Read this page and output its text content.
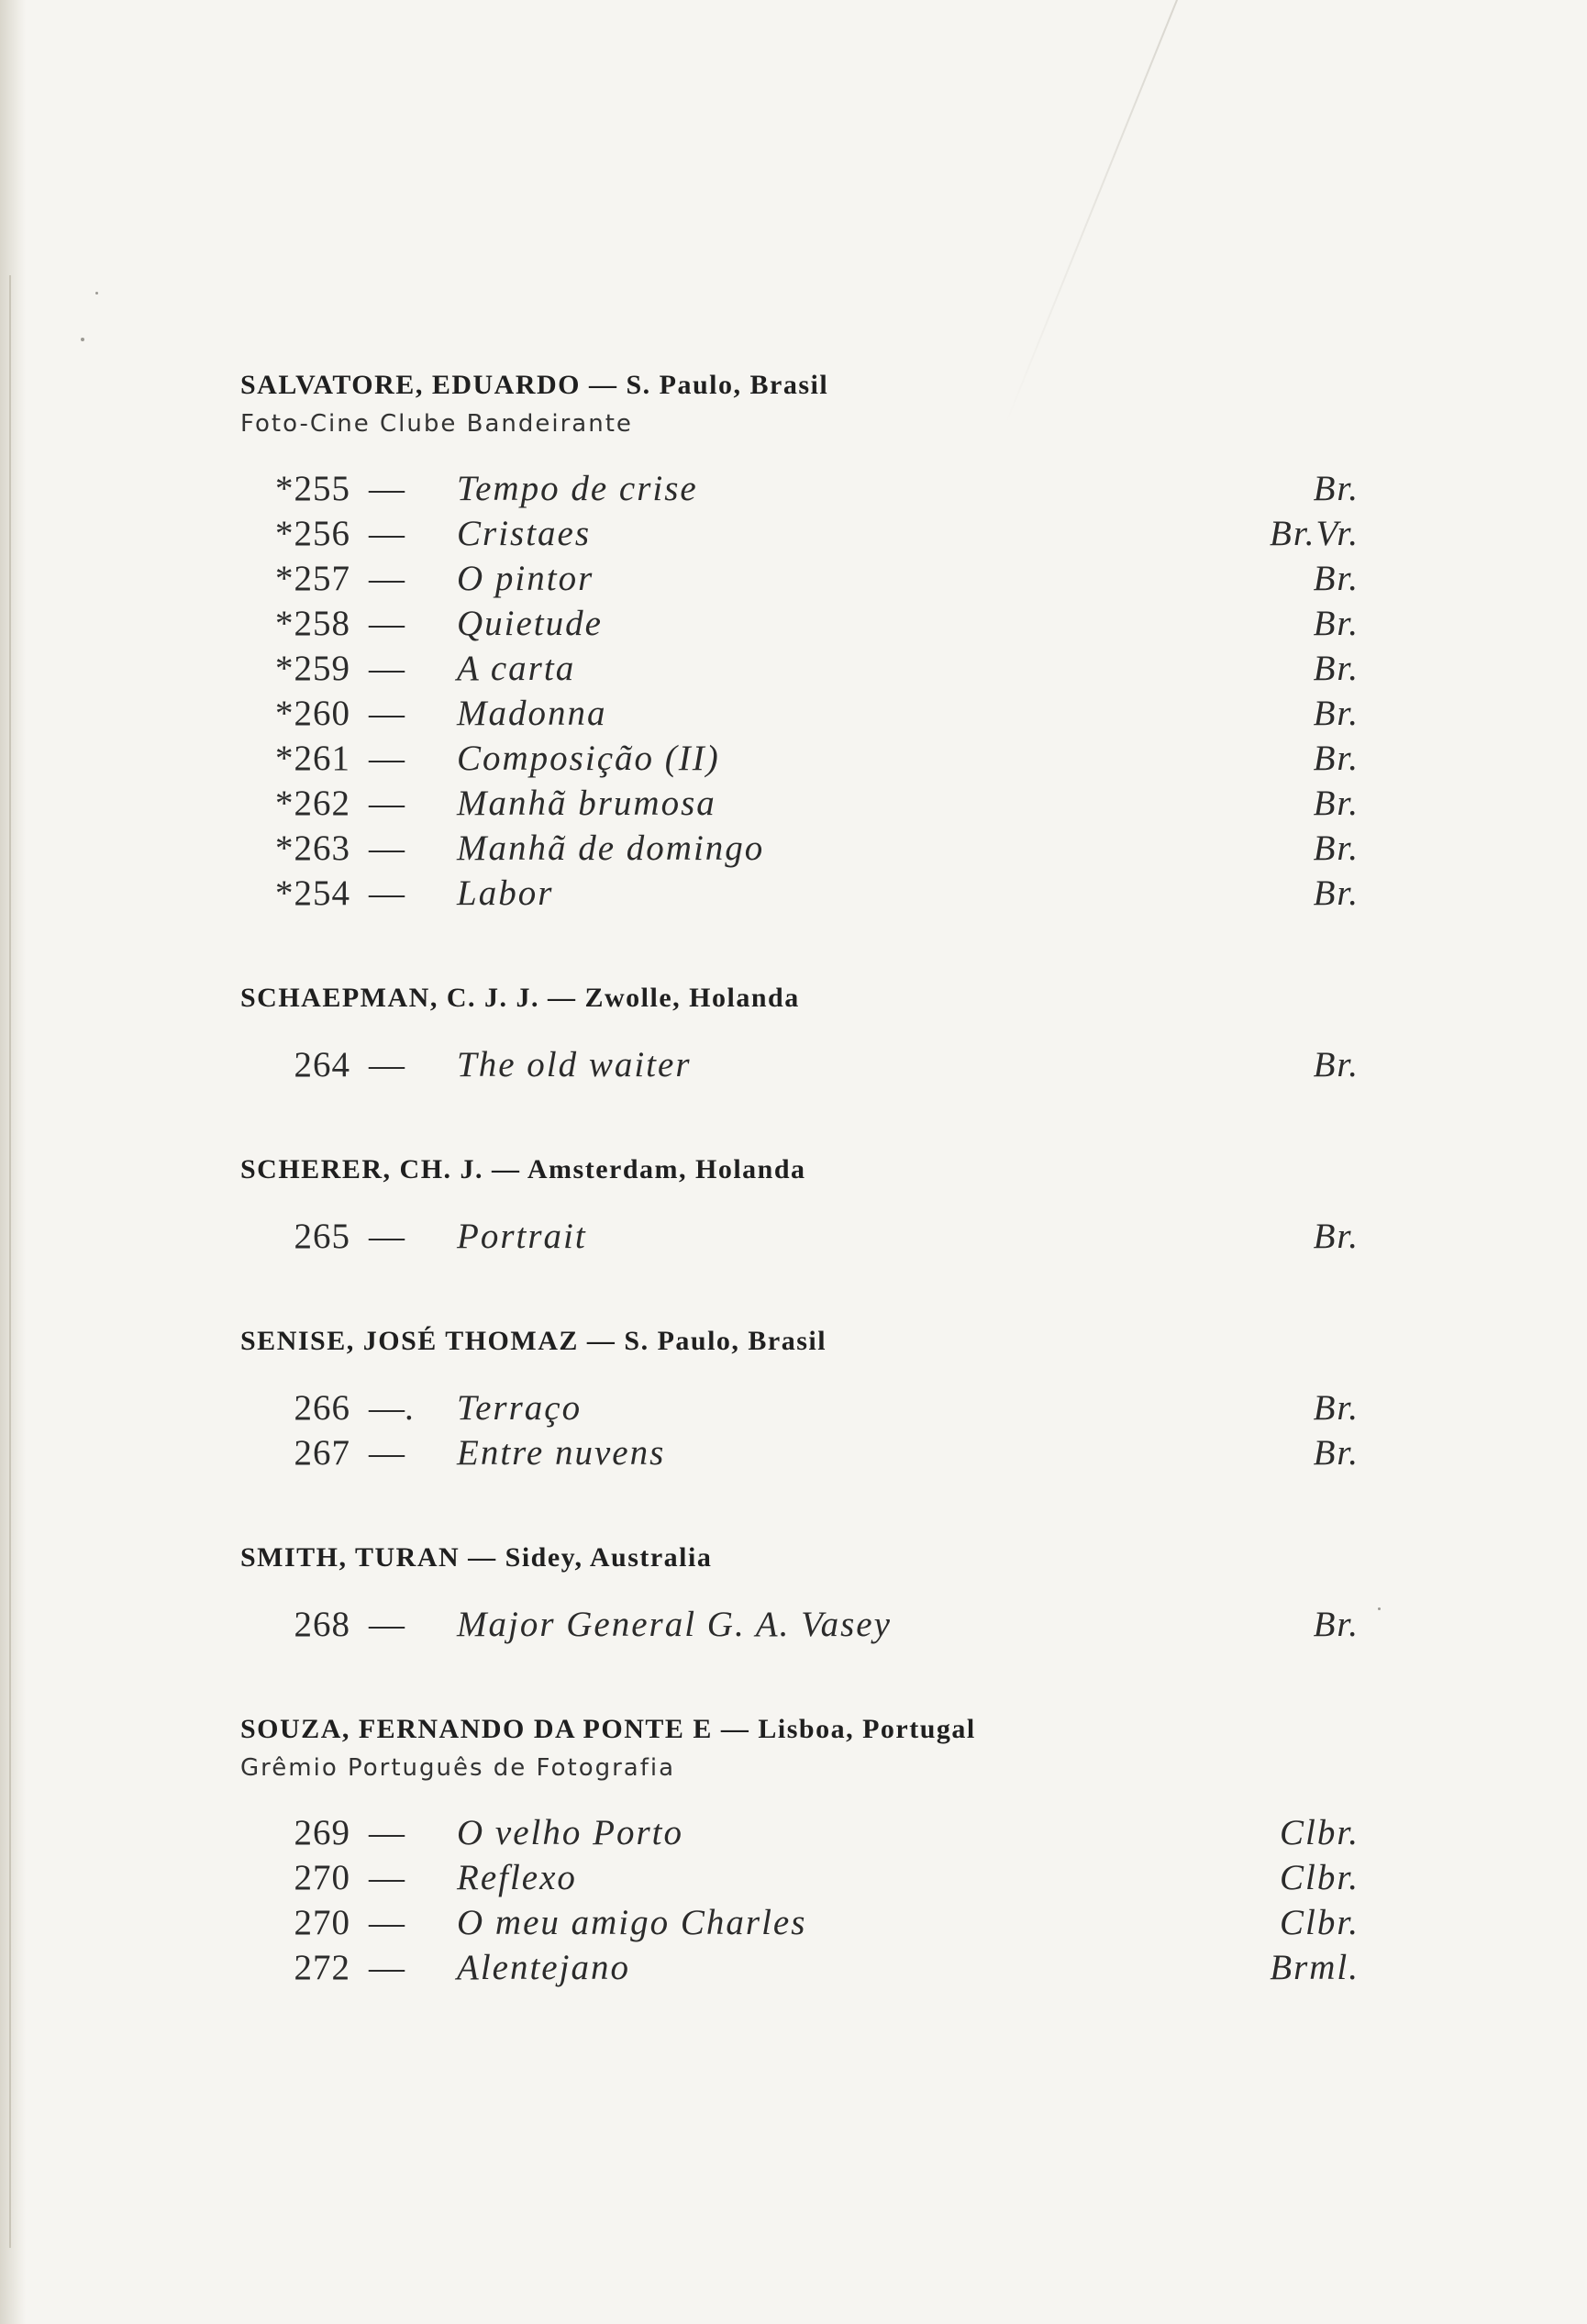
SALVATORE, EDUARDO — S. Paulo, Brasil
Foto-Cine Clube Bandeirante
*255 — Tempo de crise	Br.
*256 — Cristaes	Br.Vr.
*257 — O pintor	Br.
*258 — Quietude	Br.
*259 — A carta	Br.
*260 — Madonna	Br.
*261 — Composição (II)	Br.
*262 — Manhã brumosa	Br.
*263 — Manhã de domingo	Br.
*254 — Labor	Br.
SCHAEPMAN, C. J. J. — Zwolle, Holanda
264 — The old waiter	Br.
SCHERER, CH. J. — Amsterdam, Holanda
265 — Portrait	Br.
SENISE, JOSÉ THOMAZ — S. Paulo, Brasil
266 —. Terraço	Br.
267 — Entre nuvens	Br.
SMITH, TURAN — Sidey, Australia
268 — Major General G. A. Vasey	Br.
SOUZA, FERNANDO DA PONTE E — Lisboa, Portugal
Grêmio Português de Fotografia
269 — O velho Porto	Clbr.
270 — Reflexo	Clbr.
270 — O meu amigo Charles	Clbr.
272 — Alentejano	Brml.
